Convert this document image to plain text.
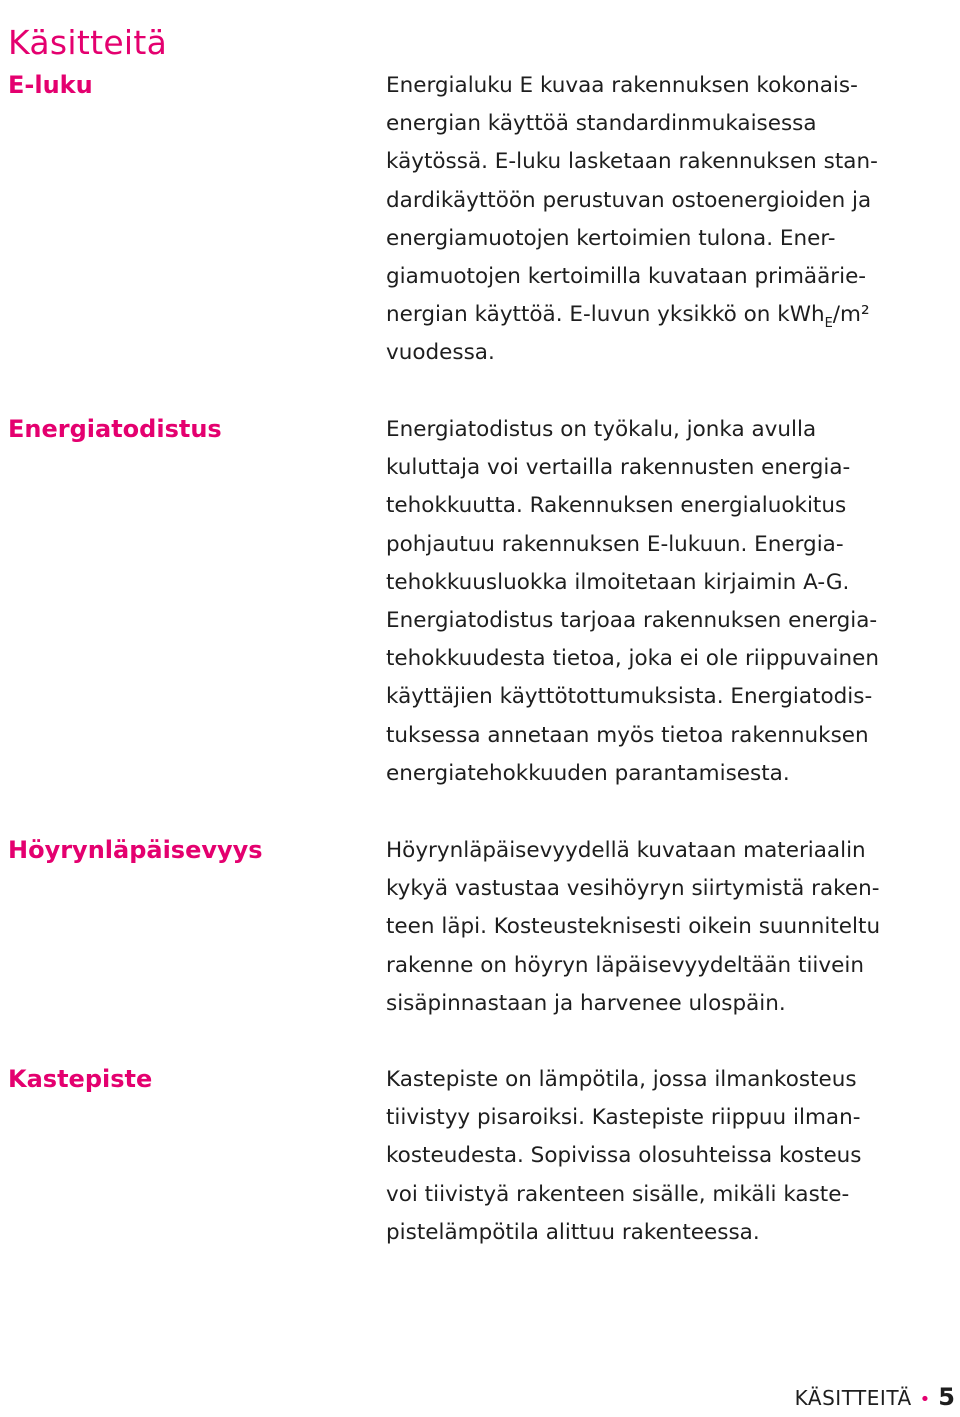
Käsitteitä
E-luku	Energialuku E kuvaa rakennuksen kokonais-
energian käyttöä standardinmukaisessa
käytössä. E-luku lasketaan rakennuksen stan-
dardikäyttöön perustuvan ostoenergioiden ja
energiamuotojen kertoimien tulona. Ener-
giamuotojen kertoimilla kuvataan primäärie-
nergian käyttöä. E-luvun yksikkö on kWh$_E$/m²
vuodessa.
Energiatodistus	Energiatodistus on työkalu, jonka avulla
kuluttaja voi vertailla rakennusten energia-
tehokkuutta. Rakennuksen energialuokitus
pohjautuu rakennuksen E-lukuun. Energia-
tehokkuusluokka ilmoitetaan kirjaimin A-G.
Energiatodistus tarjoaa rakennuksen energia-
tehokkuudesta tietoa, joka ei ole riippuvainen
käyttäjien käyttötottumuksista. Energiatodis-
tuksessa annetaan myös tietoa rakennuksen
energiatehokkuuden parantamisesta.
Höyrynläpäisevyys	Höyrynläpäisevyydellä kuvataan materiaalin
kykyä vastustaa vesihöyryn siirtymistä raken-
teen läpi. Kosteusteknisesti oikein suunniteltu
rakenne on höyryn läpäisevyydeltään tiivein
sisäpinnastaan ja harvenee ulospäin.
Kastepiste	Kastepiste on lämpötila, jossa ilmankosteus
tiivistyy pisaroiksi. Kastepiste riippuu ilman-
kosteudesta. Sopivissa olosuhteissa kosteus
voi tiivistyä rakenteen sisälle, mikäli kaste-
pistelämpötila alittuu rakenteessa.
KÄSITTEITÄ • 5
